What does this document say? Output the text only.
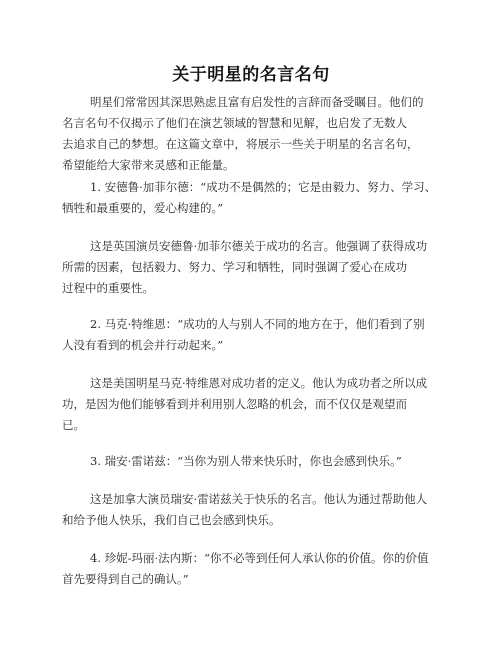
关于明星的名言名句
明星们常常因其深思熟虑且富有启发性的言辞而备受瞩目。他们的
名言名句不仅揭示了他们在演艺领域的智慧和见解，也启发了无数人
去追求自己的梦想。在这篇文章中，将展示一些关于明星的名言名句，
希望能给大家带来灵感和正能量。
1. 安德鲁·加菲尔德：“成功不是偶然的；它是由毅力、努力、学习、
牺牲和最重要的，爱心构建的。”
这是英国演员安德鲁·加菲尔德关于成功的名言。他强调了获得成功
所需的因素，包括毅力、努力、学习和牺牲，同时强调了爱心在成功
过程中的重要性。
2. 马克·特维恩：“成功的人与别人不同的地方在于，他们看到了别
人没有看到的机会并行动起来。”
这是美国明星马克·特维恩对成功者的定义。他认为成功者之所以成
功，是因为他们能够看到并利用别人忽略的机会，而不仅仅是观望而
已。
3. 瑞安·雷诺兹：“当你为别人带来快乐时，你也会感到快乐。”
这是加拿大演员瑞安·雷诺兹关于快乐的名言。他认为通过帮助他人
和给予他人快乐，我们自己也会感到快乐。
4. 珍妮-玛丽·法内斯：“你不必等到任何人承认你的价值。你的价值
首先要得到自己的确认。”
